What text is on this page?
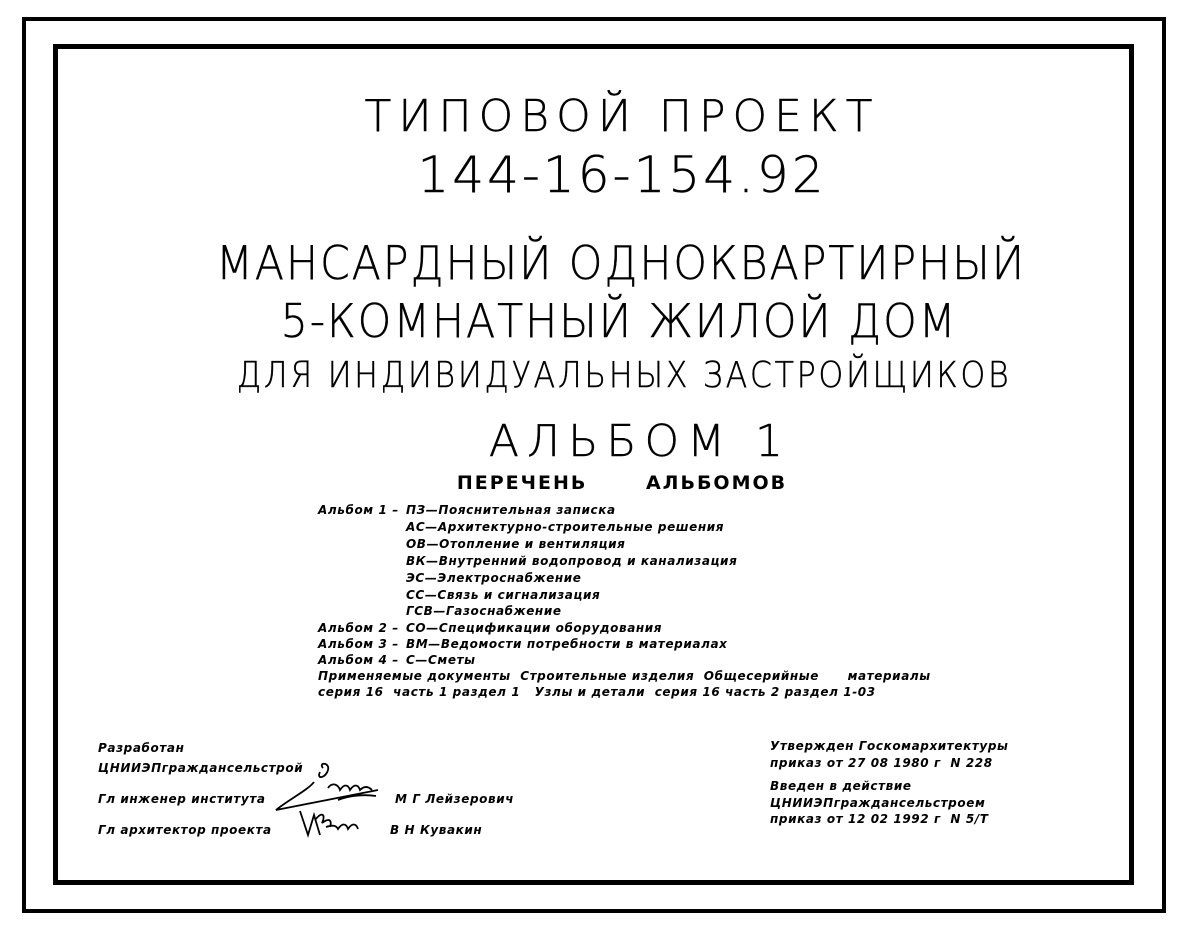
ТИПОВОЙ ПРОЕКТ
144-16-154.92
МАНСАРДНЫЙ ОДНОКВАРТИРНЫЙ
5-КОМНАТНЫЙ ЖИЛОЙ ДОМ
ДЛЯ ИНДИВИДУАЛЬНЫХ ЗАСТРОЙЩИКОВ
АЛЬБОМ 1
ПЕРЕЧЕНЬ АЛЬБОМОВ
Альбом 1 – ПЗ—Пояснительная записка
АС—Архитектурно-строительные решения
ОВ—Отопление и вентиляция
ВК—Внутренний водопровод и канализация
ЭС—Электроснабжение
СС—Связь и сигнализация
ГСВ—Газоснабжение
Альбом 2 – СО—Спецификации оборудования
Альбом 3 – ВМ—Ведомости потребности в материалах
Альбом 4 – С—Сметы
Применяемые документы  Строительные изделия  Общесерийные      материалы
серия 16  часть 1 раздел 1   Узлы и детали  серия 16 часть 2 раздел 1-03
Разработан
ЦНИИЭПграждансельстрой
Гл инженер института	М Г Лейзерович
Гл архитектор проекта	В Н Кувакин
Утвержден Госкомархитектуры
приказ от 27 08 1980 г  N 228
Введен в действие
ЦНИИЭПграждансельстроем
приказ от 12 02 1992 г  N 5/Т
